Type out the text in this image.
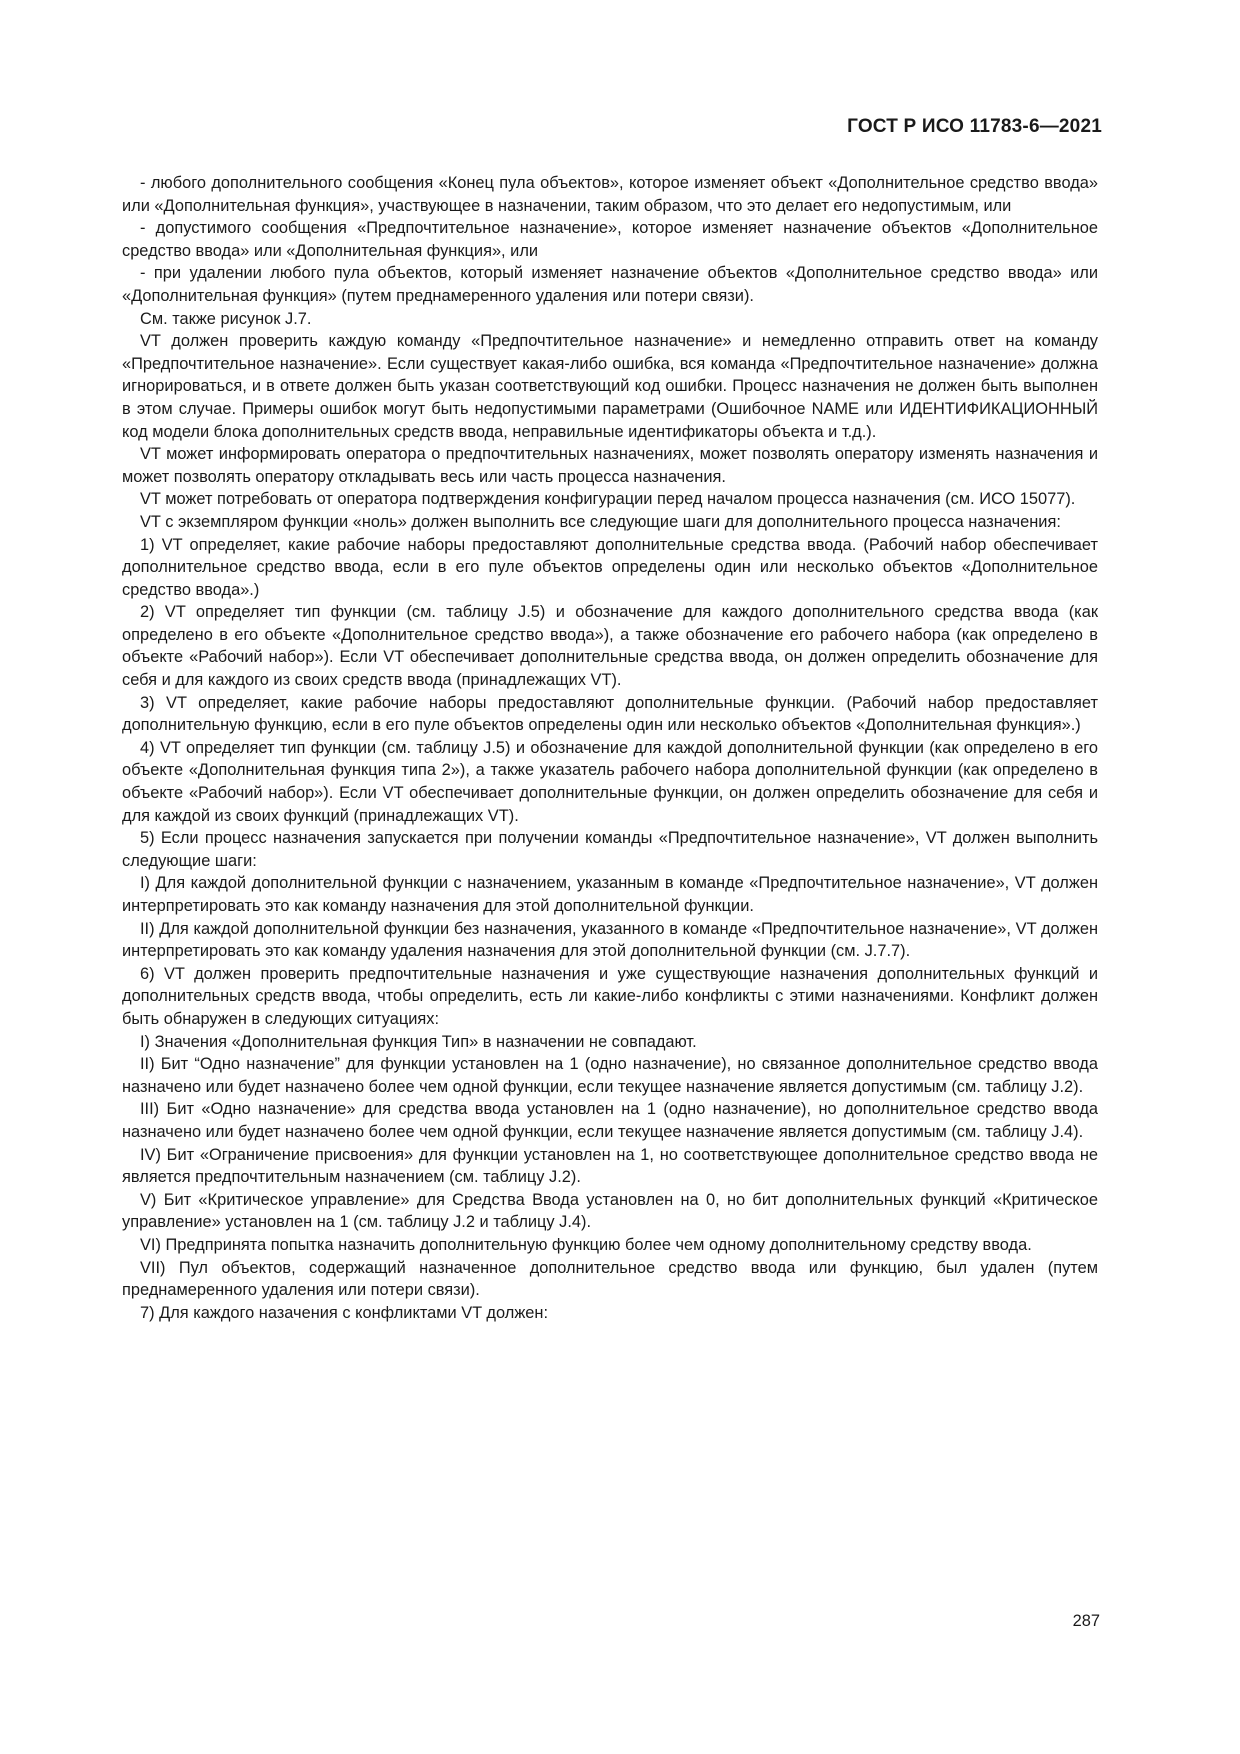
ГОСТ Р ИСО 11783-6—2021

- любого дополнительного сообщения «Конец пула объектов», которое изменяет объект «Дополнительное средство ввода» или «Дополнительная функция», участвующее в назначении, таким образом, что это делает его недопустимым, или

- допустимого сообщения «Предпочтительное назначение», которое изменяет назначение объектов «Дополнительное средство ввода» или «Дополнительная функция», или

- при удалении любого пула объектов, который изменяет назначение объектов «Дополнительное средство ввода» или «Дополнительная функция» (путем преднамеренного удаления или потери связи).

См. также рисунок J.7.

VT должен проверить каждую команду «Предпочтительное назначение» и немедленно отправить ответ на команду «Предпочтительное назначение». Если существует какая-либо ошибка, вся команда «Предпочтительное назначение» должна игнорироваться, и в ответе должен быть указан соответствующий код ошибки. Процесс назначения не должен быть выполнен в этом случае. Примеры ошибок могут быть недопустимыми параметрами (Ошибочное NAME или ИДЕНТИФИКАЦИОННЫЙ код модели блока дополнительных средств ввода, неправильные идентификаторы объекта и т.д.).

VT может информировать оператора о предпочтительных назначениях, может позволять оператору изменять назначения и может позволять оператору откладывать весь или часть процесса назначения.

VT может потребовать от оператора подтверждения конфигурации перед началом процесса назначения (см. ИСО 15077).

VT с экземпляром функции «ноль» должен выполнить все следующие шаги для дополнительного процесса назначения:

1) VT определяет, какие рабочие наборы предоставляют дополнительные средства ввода. (Рабочий набор обеспечивает дополнительное средство ввода, если в его пуле объектов определены один или несколько объектов «Дополнительное средство ввода».)

2) VT определяет тип функции (см. таблицу J.5) и обозначение для каждого дополнительного средства ввода (как определено в его объекте «Дополнительное средство ввода»), а также обозначение его рабочего набора (как определено в объекте «Рабочий набор»). Если VT обеспечивает дополнительные средства ввода, он должен определить обозначение для себя и для каждого из своих средств ввода (принадлежащих VT).

3) VT определяет, какие рабочие наборы предоставляют дополнительные функции. (Рабочий набор предоставляет дополнительную функцию, если в его пуле объектов определены один или несколько объектов «Дополнительная функция».)

4) VT определяет тип функции (см. таблицу J.5) и обозначение для каждой дополнительной функции (как определено в его объекте «Дополнительная функция типа 2»), а также указатель рабочего набора дополнительной функции (как определено в объекте «Рабочий набор»). Если VT обеспечивает дополнительные функции, он должен определить обозначение для себя и для каждой из своих функций (принадлежащих VT).

5) Если процесс назначения запускается при получении команды «Предпочтительное назначение», VT должен выполнить следующие шаги:

I) Для каждой дополнительной функции с назначением, указанным в команде «Предпочтительное назначение», VT должен интерпретировать это как команду назначения для этой дополнительной функции.

II) Для каждой дополнительной функции без назначения, указанного в команде «Предпочтительное назначение», VT должен интерпретировать это как команду удаления назначения для этой дополнительной функции (см. J.7.7).

6) VT должен проверить предпочтительные назначения и уже существующие назначения дополнительных функций и дополнительных средств ввода, чтобы определить, есть ли какие-либо конфликты с этими назначениями. Конфликт должен быть обнаружен в следующих ситуациях:

I) Значения «Дополнительная функция Тип» в назначении не совпадают.

II) Бит “Одно назначение” для функции установлен на 1 (одно назначение), но связанное дополнительное средство ввода назначено или будет назначено более чем одной функции, если текущее назначение является допустимым (см. таблицу J.2).

III) Бит «Одно назначение» для средства ввода установлен на 1 (одно назначение), но дополнительное средство ввода назначено или будет назначено более чем одной функции, если текущее назначение является допустимым (см. таблицу J.4).

IV) Бит «Ограничение присвоения» для функции установлен на 1, но соответствующее дополнительное средство ввода не является предпочтительным назначением (см. таблицу J.2).

V) Бит «Критическое управление» для Средства Ввода установлен на 0, но бит дополнительных функций «Критическое управление» установлен на 1 (см. таблицу J.2 и таблицу J.4).

VI) Предпринята попытка назначить дополнительную функцию более чем одному дополнительному средству ввода.

VII) Пул объектов, содержащий назначенное дополнительное средство ввода или функцию, был удален (путем преднамеренного удаления или потери связи).

7) Для каждого назачения с конфликтами VT должен:

287
